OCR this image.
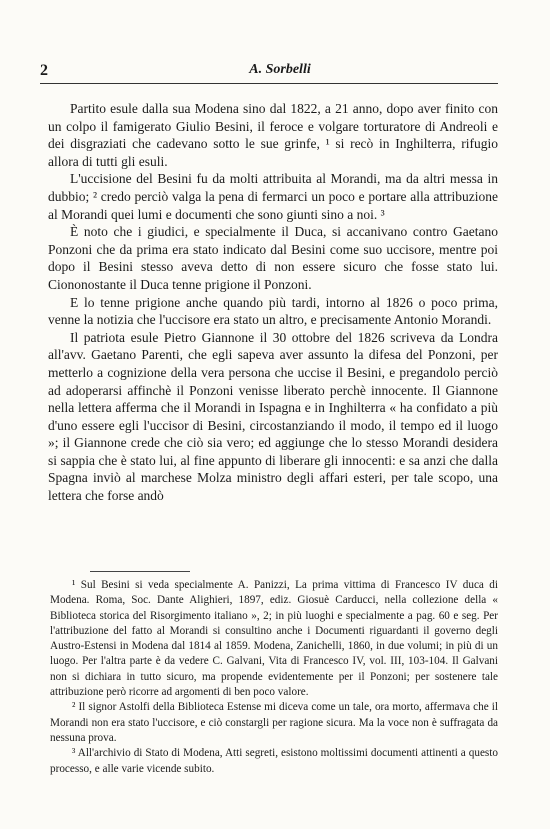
2	A. Sorbelli

Partito esule dalla sua Modena sino dal 1822, a 21 anno, dopo aver finito con un colpo il famigerato Giulio Besini, il feroce e volgare torturatore di Andreoli e dei disgraziati che cadevano sotto le sue grinfe, ¹ si recò in Inghilterra, rifugio allora di tutti gli esuli.

L'uccisione del Besini fu da molti attribuita al Morandi, ma da altri messa in dubbio; ² credo perciò valga la pena di fermarci un poco e portare alla attribuzione al Morandi quei lumi e documenti che sono giunti sino a noi. ³

È noto che i giudici, e specialmente il Duca, si accanivano contro Gaetano Ponzoni che da prima era stato indicato dal Besini come suo uccisore, mentre poi dopo il Besini stesso aveva detto di non essere sicuro che fosse stato lui. Ciononostante il Duca tenne prigione il Ponzoni.

E lo tenne prigione anche quando più tardi, intorno al 1826 o poco prima, venne la notizia che l'uccisore era stato un altro, e precisamente Antonio Morandi.

Il patriota esule Pietro Giannone il 30 ottobre del 1826 scriveva da Londra all'avv. Gaetano Parenti, che egli sapeva aver assunto la difesa del Ponzoni, per metterlo a cognizione della vera persona che uccise il Besini, e pregandolo perciò ad adoperarsi affinchè il Ponzoni venisse liberato perchè innocente. Il Giannone nella lettera afferma che il Morandi in Ispagna e in Inghilterra « ha confidato a più d'uno essere egli l'uccisor di Besini, circostanziando il modo, il tempo ed il luogo »; il Giannone crede che ciò sia vero; ed aggiunge che lo stesso Morandi desidera si sappia che è stato lui, al fine appunto di liberare gli innocenti: e sa anzi che dalla Spagna inviò al marchese Molza ministro degli affari esteri, per tale scopo, una lettera che forse andò

¹ Sul Besini si veda specialmente A. Panizzi, La prima vittima di Francesco IV duca di Modena. Roma, Soc. Dante Alighieri, 1897, ediz. Giosuè Carducci, nella collezione della « Biblioteca storica del Risorgimento italiano », 2; in più luoghi e specialmente a pag. 60 e seg. Per l'attribuzione del fatto al Morandi si consultino anche i Documenti riguardanti il governo degli Austro-Estensi in Modena dal 1814 al 1859. Modena, Zanichelli, 1860, in due volumi; in più di un luogo. Per l'altra parte è da vedere C. Galvani, Vita di Francesco IV, vol. III, 103-104. Il Galvani non si dichiara in tutto sicuro, ma propende evidentemente per il Ponzoni; per sostenere tale attribuzione però ricorre ad argomenti di ben poco valore.

² Il signor Astolfi della Biblioteca Estense mi diceva come un tale, ora morto, affermava che il Morandi non era stato l'uccisore, e ciò constargli per ragione sicura. Ma la voce non è suffragata da nessuna prova.

³ All'archivio di Stato di Modena, Atti segreti, esistono moltissimi documenti attinenti a questo processo, e alle varie vicende subito.
